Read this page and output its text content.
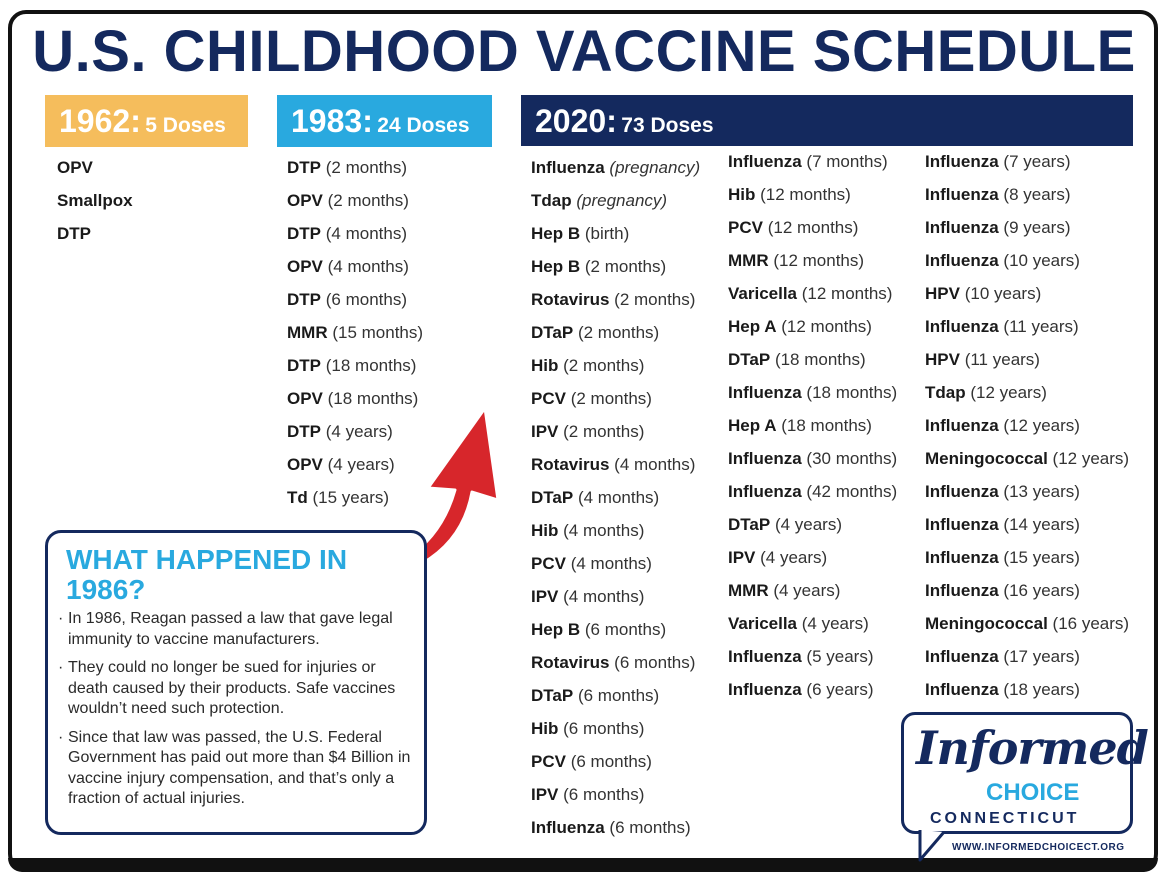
U.S. CHILDHOOD VACCINE SCHEDULE
1962: 5 Doses	1983: 24 Doses	2020: 73 Doses
OPV
Smallpox
DTP
DTP (2 months)
OPV (2 months)
DTP (4 months)
OPV (4 months)
DTP (6 months)
MMR (15 months)
DTP (18 months)
OPV (18 months)
DTP (4 years)
OPV (4 years)
Td (15 years)
Influenza (pregnancy)
Tdap (pregnancy)
Hep B (birth)
Hep B (2 months)
Rotavirus (2 months)
DTaP (2 months)
Hib (2 months)
PCV (2 months)
IPV (2 months)
Rotavirus (4 months)
DTaP (4 months)
Hib (4 months)
PCV (4 months)
IPV (4 months)
Hep B (6 months)
Rotavirus (6 months)
DTaP (6 months)
Hib (6 months)
PCV (6 months)
IPV (6 months)
Influenza (6 months)
Influenza (7 months)
Hib (12 months)
PCV (12 months)
MMR (12 months)
Varicella (12 months)
Hep A (12 months)
DTaP (18 months)
Influenza (18 months)
Hep A (18 months)
Influenza (30 months)
Influenza (42 months)
DTaP (4 years)
IPV (4 years)
MMR (4 years)
Varicella (4 years)
Influenza (5 years)
Influenza (6 years)
Influenza (7 years)
Influenza (8 years)
Influenza (9 years)
Influenza (10 years)
HPV (10 years)
Influenza (11 years)
HPV (11 years)
Tdap (12 years)
Influenza (12 years)
Meningococcal (12 years)
Influenza (13 years)
Influenza (14 years)
Influenza (15 years)
Influenza (16 years)
Meningococcal (16 years)
Influenza (17 years)
Influenza (18 years)
WHAT HAPPENED IN 1986?
· In 1986, Reagan passed a law that gave legal immunity to vaccine manufacturers.
· They could no longer be sued for injuries or death caused by their products. Safe vaccines wouldn’t need such protection.
· Since that law was passed, the U.S. Federal Government has paid out more than $4 Billion in vaccine injury compensation, and that’s only a fraction of actual injuries.
Informed
CHOICE
CONNECTICUT
WWW.INFORMEDCHOICECT.ORG
